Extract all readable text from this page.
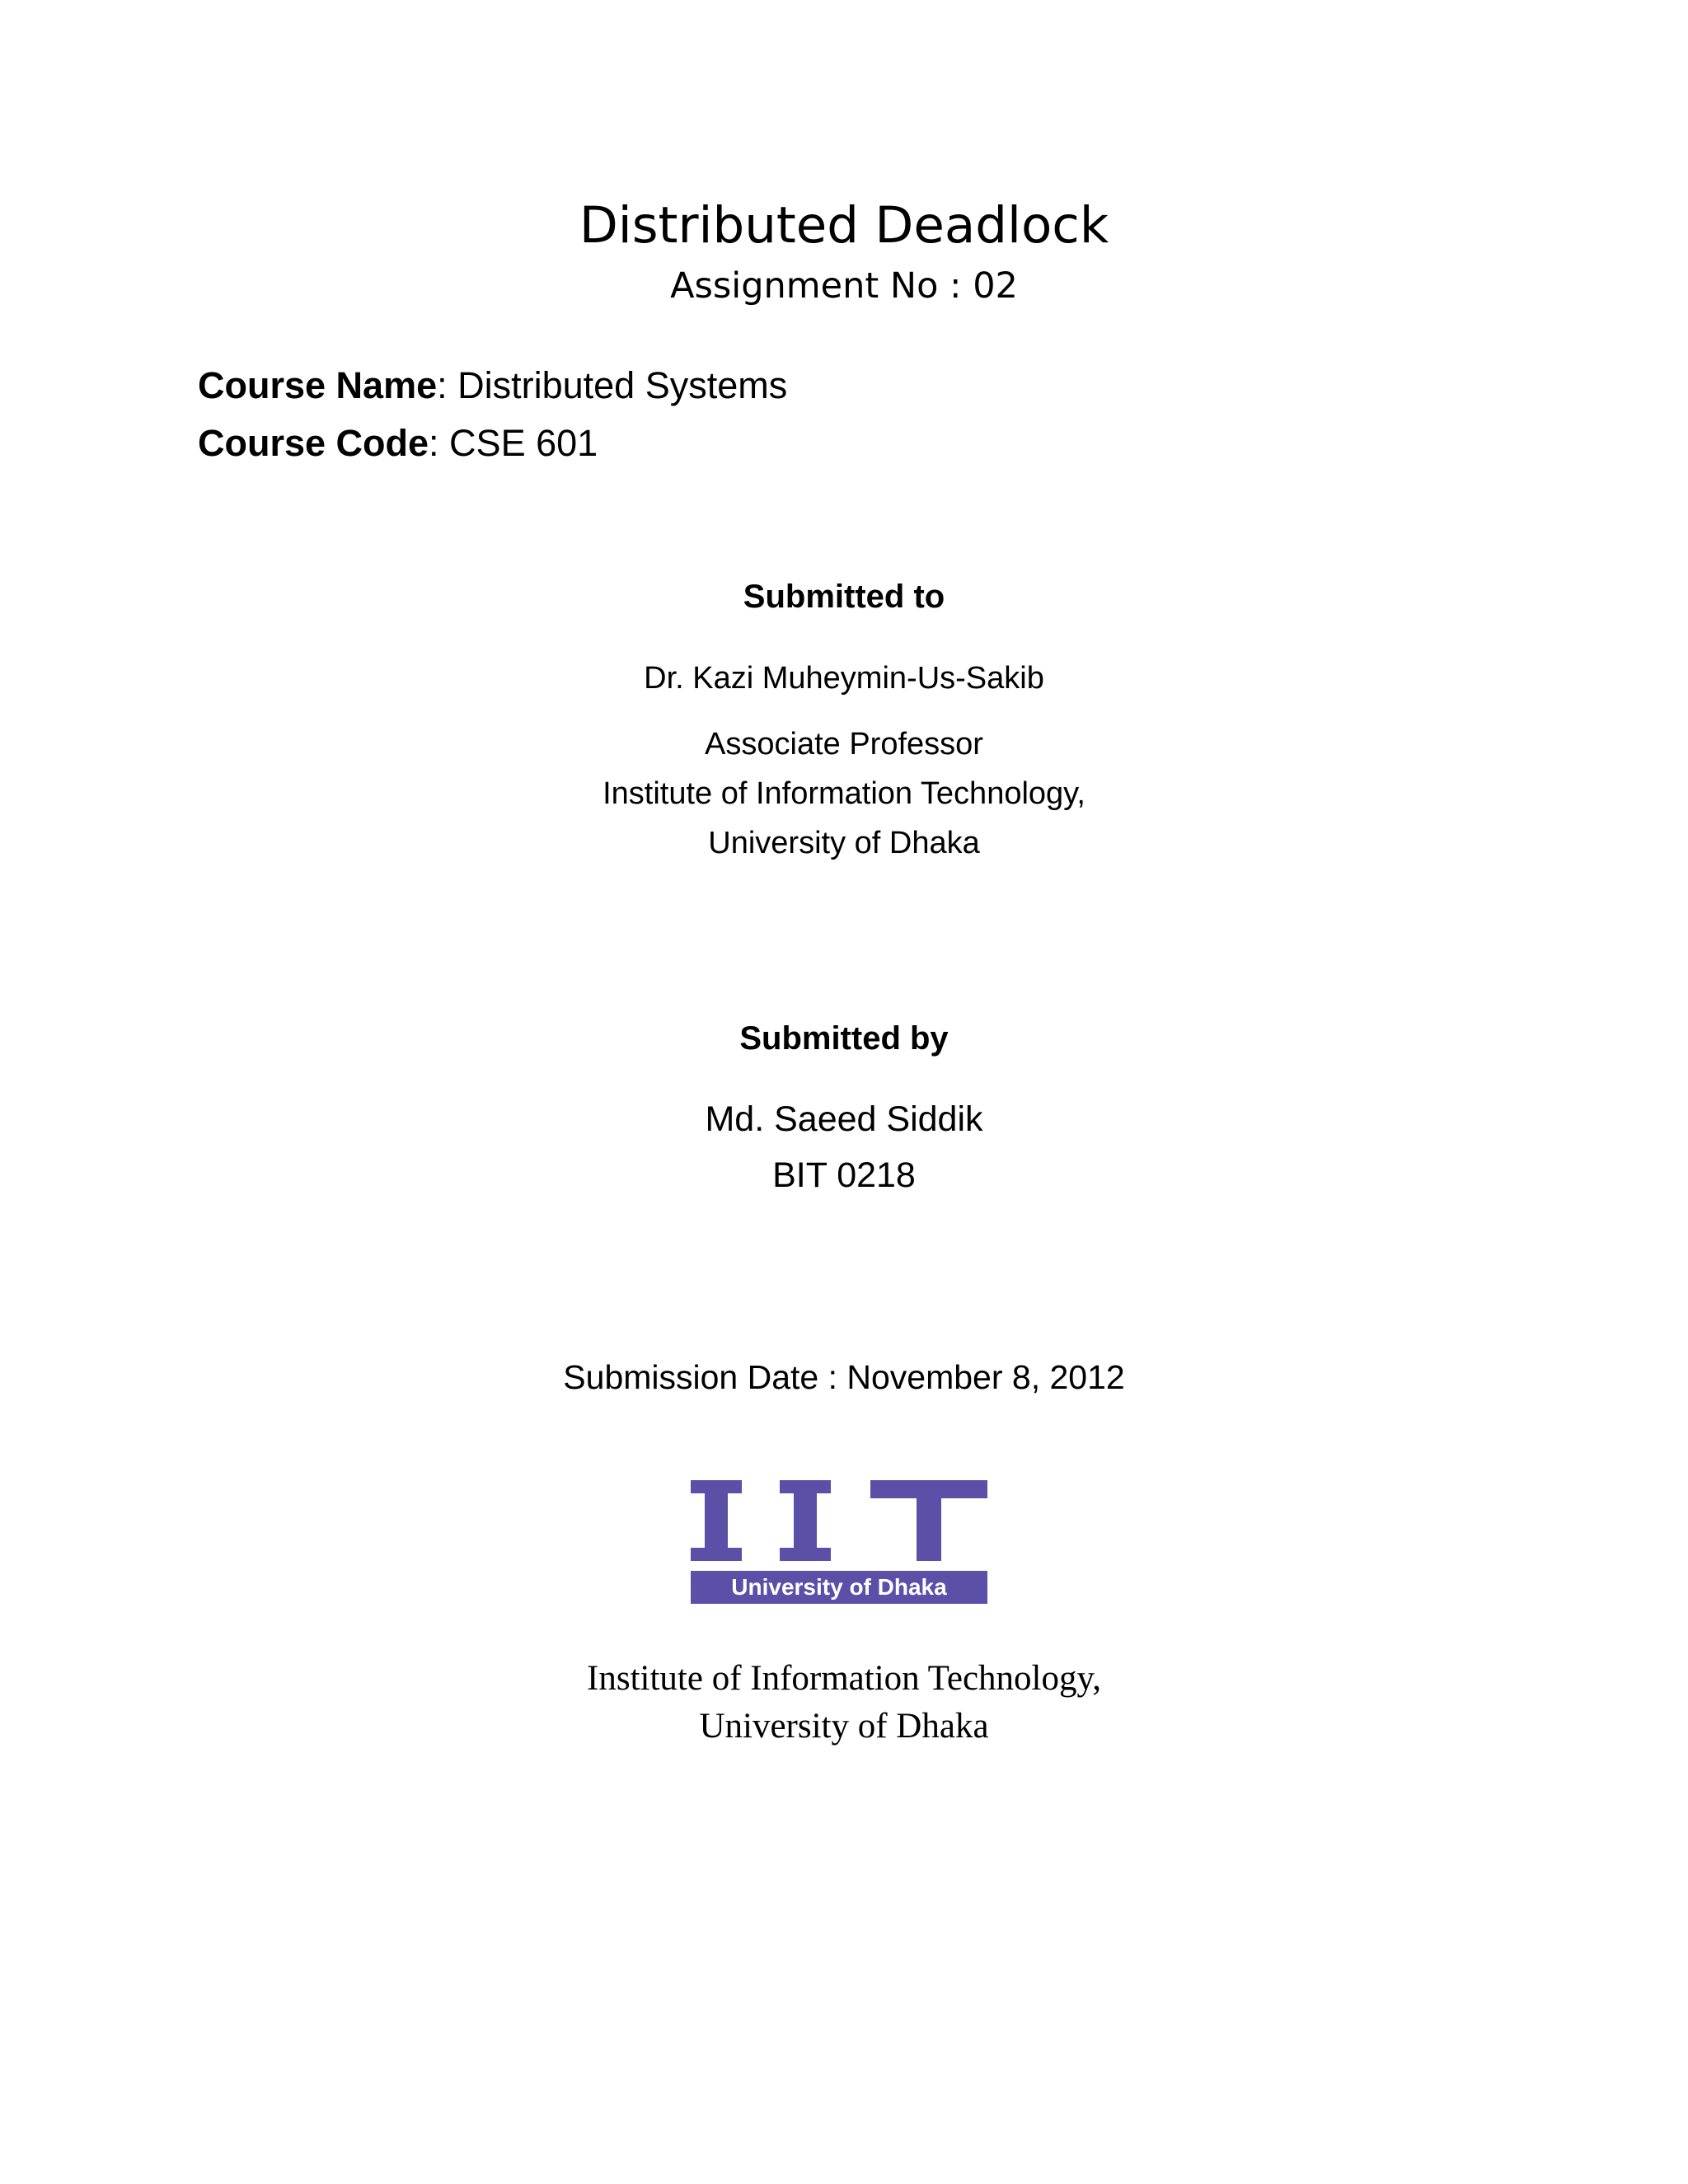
Distributed Deadlock
Assignment No : 02
Course Name: Distributed Systems
Course Code: CSE 601
Submitted to
Dr. Kazi Muheymin-Us-Sakib
Associate Professor
Institute of Information Technology,
University of Dhaka
Submitted by
Md. Saeed Siddik
BIT 0218
Submission Date : November 8, 2012
University of Dhaka
Institute of Information Technology,
University of Dhaka
